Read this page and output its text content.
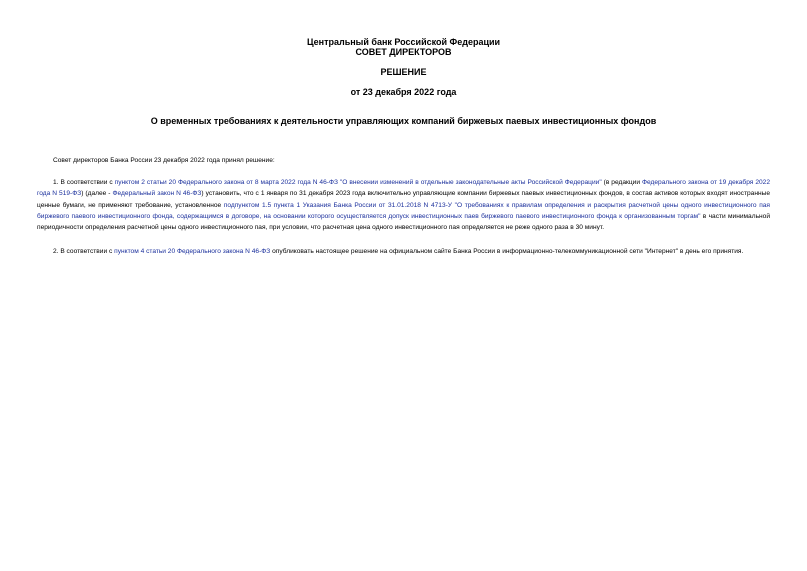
Центральный банк Российской Федерации
СОВЕТ ДИРЕКТОРОВ
РЕШЕНИЕ
от 23 декабря 2022 года
О временных требованиях к деятельности управляющих компаний биржевых паевых инвестиционных фондов
Совет директоров Банка России 23 декабря 2022 года принял решение:
1. В соответствии с пунктом 2 статьи 20 Федерального закона от 8 марта 2022 года N 46-ФЗ "О внесении изменений в отдельные законодательные акты Российской Федерации" (в редакции Федерального закона от 19 декабря 2022 года N 519-ФЗ) (далее - Федеральный закон N 46-ФЗ) установить, что с 1 января по 31 декабря 2023 года включительно управляющие компании биржевых паевых инвестиционных фондов, в состав активов которых входят иностранные ценные бумаги, не применяют требование, установленное подпунктом 1.5 пункта 1 Указания Банка России от 31.01.2018 N 4713-У "О требованиях к правилам определения и раскрытия расчетной цены одного инвестиционного пая биржевого паевого инвестиционного фонда, содержащимся в договоре, на основании которого осуществляется допуск инвестиционных паев биржевого паевого инвестиционного фонда к организованным торгам" в части минимальной периодичности определения расчетной цены одного инвестиционного пая, при условии, что расчетная цена одного инвестиционного пая определяется не реже одного раза в 30 минут.
2. В соответствии с пунктом 4 статьи 20 Федерального закона N 46-ФЗ опубликовать настоящее решение на официальном сайте Банка России в информационно-телекоммуникационной сети "Интернет" в день его принятия.
